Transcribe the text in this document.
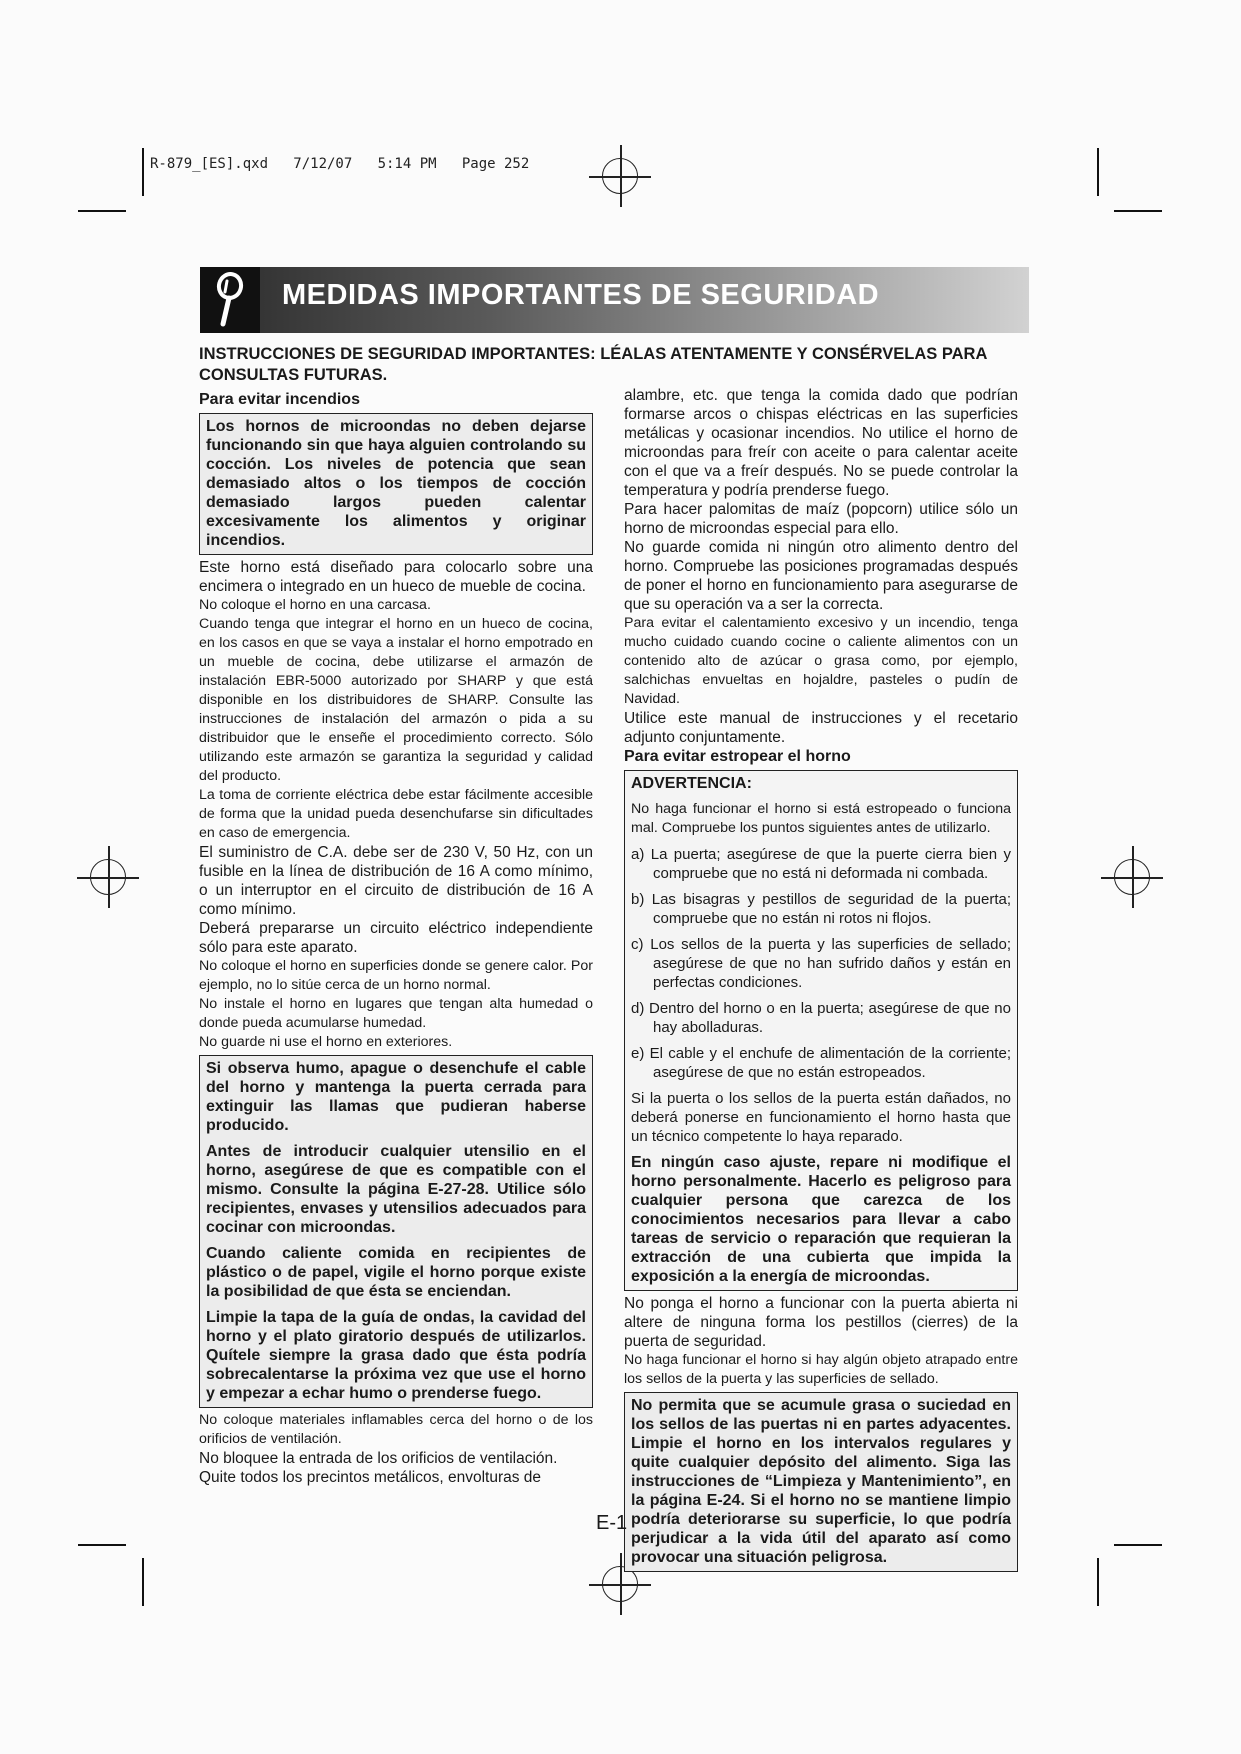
R-879_[ES].qxd   7/12/07   5:14 PM   Page 252
MEDIDAS IMPORTANTES DE SEGURIDAD
INSTRUCCIONES DE SEGURIDAD IMPORTANTES: LÉALAS ATENTAMENTE Y CONSÉRVELAS PARA CONSULTAS FUTURAS.

Para evitar incendios

Los hornos de microondas no deben dejarse funcionando sin que haya alguien controlando su cocción. Los niveles de potencia que sean demasiado altos o los tiempos de cocción demasiado largos pueden calentar excesivamente los alimentos y originar incendios.

Este horno está diseñado para colocarlo sobre una encimera o integrado en un hueco de mueble de cocina.

No coloque el horno en una carcasa.

Cuando tenga que integrar el horno en un hueco de cocina, en los casos en que se vaya a instalar el horno empotrado en un mueble de cocina, debe utilizarse el armazón de instalación EBR-5000 autorizado por SHARP y que está disponible en los distribuidores de SHARP. Consulte las instrucciones de instalación del armazón o pida a su distribuidor que le enseñe el procedimiento correcto. Sólo utilizando este armazón se garantiza la seguridad y calidad del producto.

La toma de corriente eléctrica debe estar fácilmente accesible de forma que la unidad pueda desenchufarse sin dificultades en caso de emergencia.

El suministro de C.A. debe ser de 230 V, 50 Hz, con un fusible en la línea de distribución de 16 A como mínimo, o un interruptor en el circuito de distribución de 16 A como mínimo.

Deberá prepararse un circuito eléctrico independiente sólo para este aparato.

No coloque el horno en superficies donde se genere calor. Por ejemplo, no lo sitúe cerca de un horno normal.

No instale el horno en lugares que tengan alta humedad o donde pueda acumularse humedad.

No guarde ni use el horno en exteriores.

Si observa humo, apague o desenchufe el cable del horno y mantenga la puerta cerrada para extinguir las llamas que pudieran haberse producido.

Antes de introducir cualquier utensilio en el horno, asegúrese de que es compatible con el mismo. Consulte la página E-27-28. Utilice sólo recipientes, envases y utensilios adecuados para cocinar con microondas.

Cuando caliente comida en recipientes de plástico o de papel, vigile el horno porque existe la posibilidad de que ésta se enciendan.

Limpie la tapa de la guía de ondas, la cavidad del horno y el plato giratorio después de utilizarlos. Quítele siempre la grasa dado que ésta podría sobrecalentarse la próxima vez que use el horno y empezar a echar humo o prenderse fuego.

No coloque materiales inflamables cerca del horno o de los orificios de ventilación.

No bloquee la entrada de los orificios de ventilación.

Quite todos los precintos metálicos, envolturas de

alambre, etc. que tenga la comida dado que podrían formarse arcos o chispas eléctricas en las superficies metálicas y ocasionar incendios. No utilice el horno de microondas para freír con aceite o para calentar aceite con el que va a freír después. No se puede controlar la temperatura y podría prenderse fuego.

Para hacer palomitas de maíz (popcorn) utilice sólo un horno de microondas especial para ello.

No guarde comida ni ningún otro alimento dentro del horno. Compruebe las posiciones programadas después de poner el horno en funcionamiento para asegurarse de que su operación va a ser la correcta.

Para evitar el calentamiento excesivo y un incendio, tenga mucho cuidado cuando cocine o caliente alimentos con un contenido alto de azúcar o grasa como, por ejemplo, salchichas envueltas en hojaldre, pasteles o pudín de Navidad.

Utilice este manual de instrucciones y el recetario adjunto conjuntamente.

Para evitar estropear el horno

ADVERTENCIA:

No haga funcionar el horno si está estropeado o funciona mal. Compruebe los puntos siguientes antes de utilizarlo.

a) La puerta; asegúrese de que la puerte cierra bien y compruebe que no está ni deformada ni combada.

b) Las bisagras y pestillos de seguridad de la puerta; compruebe que no están ni rotos ni flojos.

c) Los sellos de la puerta y las superficies de sellado; asegúrese de que no han sufrido daños y están en perfectas condiciones.

d) Dentro del horno o en la puerta; asegúrese de que no hay abolladuras.

e) El cable y el enchufe de alimentación de la corriente; asegúrese de que no están estropeados.

Si la puerta o los sellos de la puerta están dañados, no deberá ponerse en funcionamiento el horno hasta que un técnico competente lo haya reparado.

En ningún caso ajuste, repare ni modifique el horno personalmente. Hacerlo es peligroso para cualquier persona que carezca de los conocimientos necesarios para llevar a cabo tareas de servicio o reparación que requieran la extracción de una cubierta que impida la exposición a la energía de microondas.

No ponga el horno a funcionar con la puerta abierta ni altere de ninguna forma los pestillos (cierres) de la puerta de seguridad.

No haga funcionar el horno si hay algún objeto atrapado entre los sellos de la puerta y las superficies de sellado.

No permita que se acumule grasa o suciedad en los sellos de las puertas ni en partes adyacentes. Limpie el horno en los intervalos regulares y quite cualquier depósito del alimento. Siga las instrucciones de “Limpieza y Mantenimiento”, en la página E-24. Si el horno no se mantiene limpio podría deteriorarse su superficie, lo que podría perjudicar a la vida útil del aparato así como provocar una situación peligrosa.

E-1
